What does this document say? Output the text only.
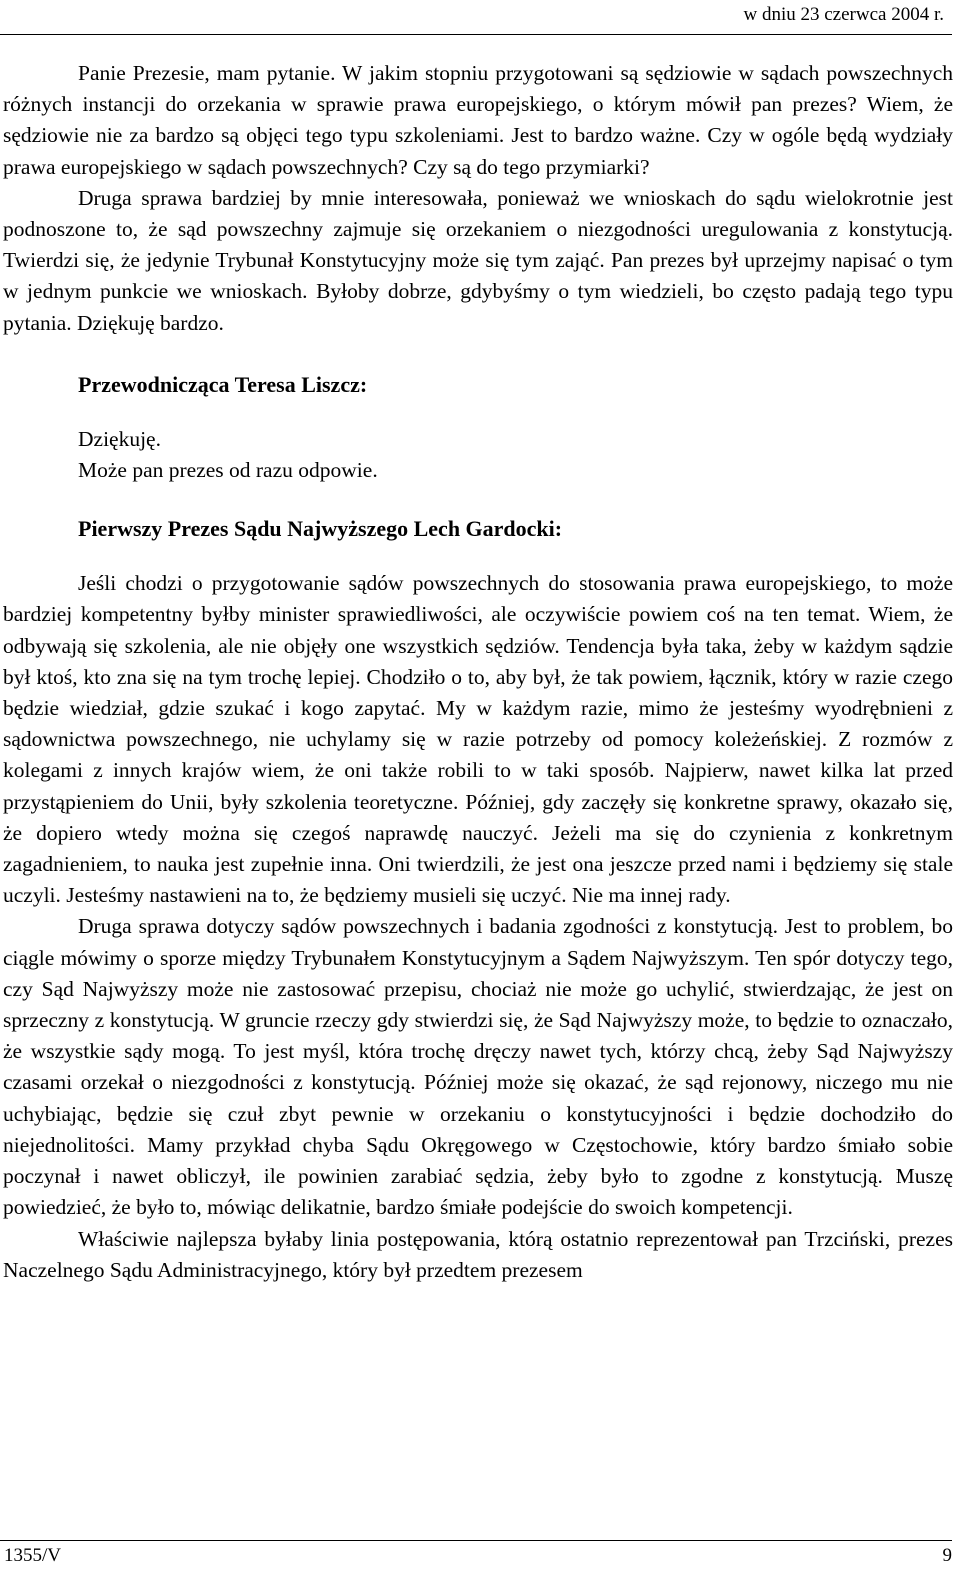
w dniu 23 czerwca 2004 r.

Panie Prezesie, mam pytanie. W jakim stopniu przygotowani są sędziowie w sądach powszechnych różnych instancji do orzekania w sprawie prawa europejskiego, o którym mówił pan prezes? Wiem, że sędziowie nie za bardzo są objęci tego typu szkoleniami. Jest to bardzo ważne. Czy w ogóle będą wydziały prawa europejskiego w sądach powszechnych? Czy są do tego przymiarki?

Druga sprawa bardziej by mnie interesowała, ponieważ we wnioskach do sądu wielokrotnie jest podnoszone to, że sąd powszechny zajmuje się orzekaniem o niezgodności uregulowania z konstytucją. Twierdzi się, że jedynie Trybunał Konstytucyjny może się tym zająć. Pan prezes był uprzejmy napisać o tym w jednym punkcie we wnioskach. Byłoby dobrze, gdybyśmy o tym wiedzieli, bo często padają tego typu pytania. Dziękuję bardzo.

Przewodnicząca Teresa Liszcz:
Dziękuję.
Może pan prezes od razu odpowie.
Pierwszy Prezes Sądu Najwyższego Lech Gardocki:

Jeśli chodzi o przygotowanie sądów powszechnych do stosowania prawa europejskiego, to może bardziej kompetentny byłby minister sprawiedliwości, ale oczywiście powiem coś na ten temat. Wiem, że odbywają się szkolenia, ale nie objęły one wszystkich sędziów. Tendencja była taka, żeby w każdym sądzie był ktoś, kto zna się na tym trochę lepiej. Chodziło o to, aby był, że tak powiem, łącznik, który w razie czego będzie wiedział, gdzie szukać i kogo zapytać. My w każdym razie, mimo że jesteśmy wyodrębnieni z sądownictwa powszechnego, nie uchylamy się w razie potrzeby od pomocy koleżeńskiej. Z rozmów z kolegami z innych krajów wiem, że oni także robili to w taki sposób. Najpierw, nawet kilka lat przed przystąpieniem do Unii, były szkolenia teoretyczne. Później, gdy zaczęły się konkretne sprawy, okazało się, że dopiero wtedy można się czegoś naprawdę nauczyć. Jeżeli ma się do czynienia z konkretnym zagadnieniem, to nauka jest zupełnie inna. Oni twierdzili, że jest ona jeszcze przed nami i będziemy się stale uczyli. Jesteśmy nastawieni na to, że będziemy musieli się uczyć. Nie ma innej rady.

Druga sprawa dotyczy sądów powszechnych i badania zgodności z konstytucją. Jest to problem, bo ciągle mówimy o sporze między Trybunałem Konstytucyjnym a Sądem Najwyższym. Ten spór dotyczy tego, czy Sąd Najwyższy może nie zastosować przepisu, chociaż nie może go uchylić, stwierdzając, że jest on sprzeczny z konstytucją. W gruncie rzeczy gdy stwierdzi się, że Sąd Najwyższy może, to będzie to oznaczało, że wszystkie sądy mogą. To jest myśl, która trochę dręczy nawet tych, którzy chcą, żeby Sąd Najwyższy czasami orzekał o niezgodności z konstytucją. Później może się okazać, że sąd rejonowy, niczego mu nie uchybiając, będzie się czuł zbyt pewnie w orzekaniu o konstytucyjności i będzie dochodziło do niejednolitości. Mamy przykład chyba Sądu Okręgowego w Częstochowie, który bardzo śmiało sobie poczynał i nawet obliczył, ile powinien zarabiać sędzia, żeby było to zgodne z konstytucją. Muszę powiedzieć, że było to, mówiąc delikatnie, bardzo śmiałe podejście do swoich kompetencji.

Właściwie najlepsza byłaby linia postępowania, którą ostatnio reprezentował pan Trzciński, prezes Naczelnego Sądu Administracyjnego, który był przedtem prezesem

1355/V	9
